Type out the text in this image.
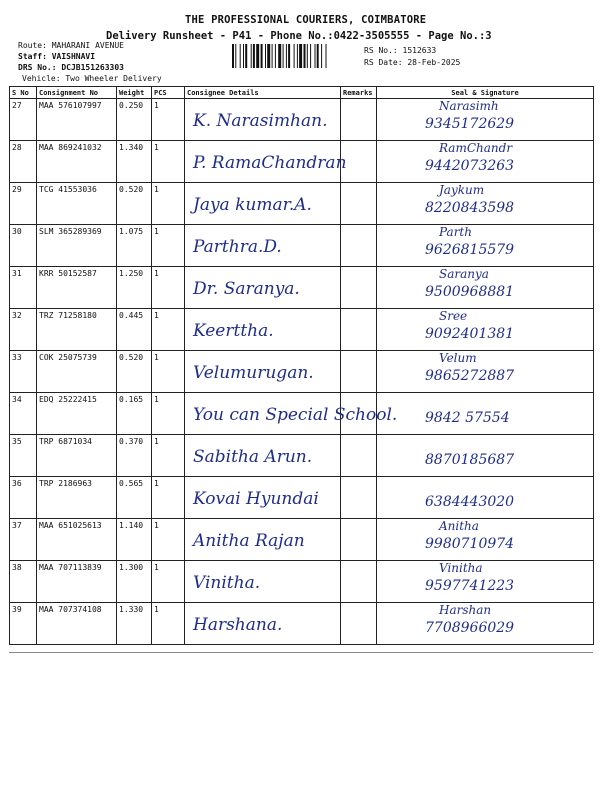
THE PROFESSIONAL COURIERS, COIMBATORE
Delivery Runsheet - P41 - Phone No.:0422-3505555 - Page No.:3
Route: MAHARANI AVENUE
Staff: VAISHNAVI
DRS No.: DCJB151263303
Vehicle: Two Wheeler Delivery
RS No.: 1512633
RS Date: 28-Feb-2025
S No	Consignment No	Weight	PCS	Consignee Details	Remarks	Seal & Signature
27	MAA 576107997	0.250	1	K. Narasimhan.		Narasimh
9345172629

28	MAA 869241032	1.340	1	P. RamaChandran		RamChandr
9442073263

29	TCG 41553036	0.520	1	Jaya kumar.A.		Jaykum
8220843598

30	SLM 365289369	1.075	1	Parthra.D.		Parth
9626815579

31	KRR 50152587	1.250	1	Dr. Saranya.		Saranya
9500968881

32	TRZ 71258180	0.445	1	Keerttha.		Sree
9092401381

33	COK 25075739	0.520	1	Velumurugan.		Velum
9865272887

34	EDQ 25222415	0.165	1	You can Special School.		9842 57554

35	TRP 6871034	0.370	1	Sabitha Arun.		8870185687

36	TRP 2186963	0.565	1	Kovai Hyundai		6384443020

37	MAA 651025613	1.140	1	Anitha Rajan		Anitha
9980710974

38	MAA 707113839	1.300	1	Vinitha.		Vinitha
9597741223

39	MAA 707374108	1.330	1	Harshana.		Harshan
7708966029
